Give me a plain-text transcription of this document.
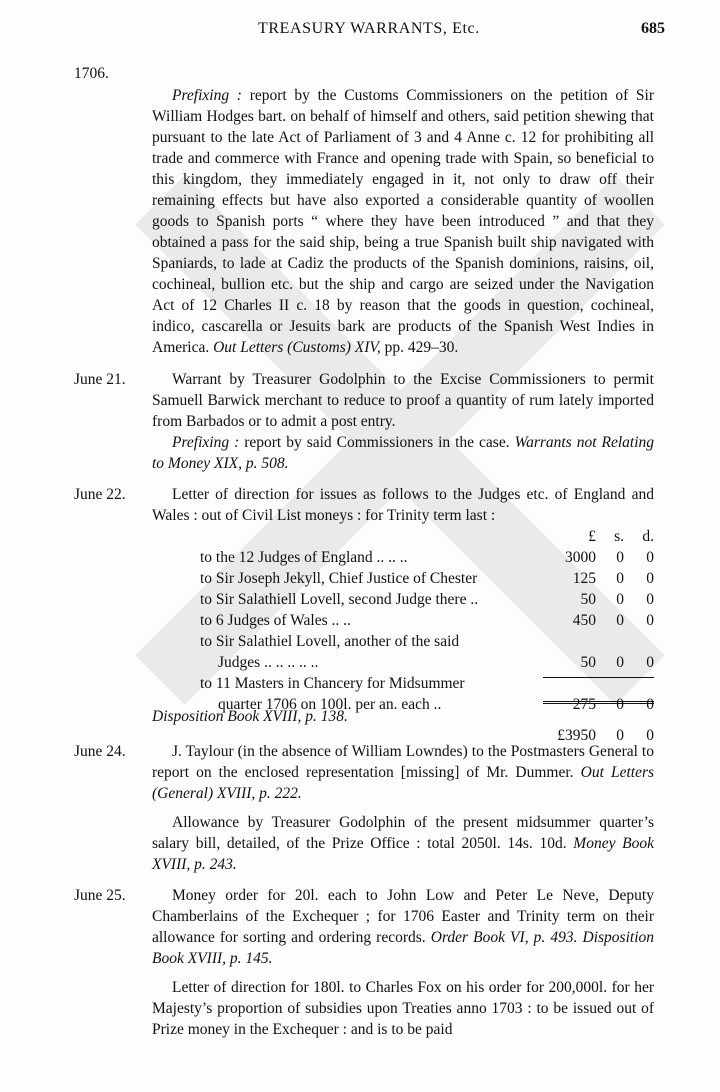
TREASURY WARRANTS, Etc.	685
1706.
Prefixing : report by the Customs Commissioners on the petition of Sir William Hodges bart. on behalf of himself and others, said petition shewing that pursuant to the late Act of Parliament of 3 and 4 Anne c. 12 for prohibiting all trade and commerce with France and opening trade with Spain, so beneficial to this kingdom, they immediately engaged in it, not only to draw off their remaining effects but have also exported a considerable quantity of woollen goods to Spanish ports “ where they have been introduced ” and that they obtained a pass for the said ship, being a true Spanish built ship navigated with Spaniards, to lade at Cadiz the products of the Spanish dominions, raisins, oil, cochineal, bullion etc. but the ship and cargo are seized under the Navigation Act of 12 Charles II c. 18 by reason that the goods in question, cochineal, indico, cascarella or Jesuits bark are products of the Spanish West Indies in America. Out Letters (Customs) XIV, pp. 429–30.
June 21.	Warrant by Treasurer Godolphin to the Excise Commissioners to permit Samuell Barwick merchant to reduce to proof a quantity of rum lately imported from Barbados or to admit a post entry.
Prefixing : report by said Commissioners in the case. Warrants not Relating to Money XIX, p. 508.
June 22.	Letter of direction for issues as follows to the Judges etc. of England and Wales : out of Civil List moneys : for Trinity term last :
£ s. d.
to the 12 Judges of England .. .. ..	3000 0 0
to Sir Joseph Jekyll, Chief Justice of Chester	125 0 0
to Sir Salathiell Lovell, second Judge there ..	50 0 0
to 6 Judges of Wales .. ..	450 0 0
to Sir Salathiel Lovell, another of the said
Judges .. .. .. .. ..	50 0 0
to 11 Masters in Chancery for Midsummer
quarter 1706 on 100l. per an. each ..	275 0 0
£3950 0 0
Disposition Book XVIII, p. 138.
June 24.	J. Taylour (in the absence of William Lowndes) to the Postmasters General to report on the enclosed representation [missing] of Mr. Dummer. Out Letters (General) XVIII, p. 222.
Allowance by Treasurer Godolphin of the present midsummer quarter’s salary bill, detailed, of the Prize Office : total 2050l. 14s. 10d. Money Book XVIII, p. 243.
June 25.	Money order for 20l. each to John Low and Peter Le Neve, Deputy Chamberlains of the Exchequer ; for 1706 Easter and Trinity term on their allowance for sorting and ordering records. Order Book VI, p. 493. Disposition Book XVIII, p. 145.
Letter of direction for 180l. to Charles Fox on his order for 200,000l. for her Majesty’s proportion of subsidies upon Treaties anno 1703 : to be issued out of Prize money in the Exchequer : and is to be paid
